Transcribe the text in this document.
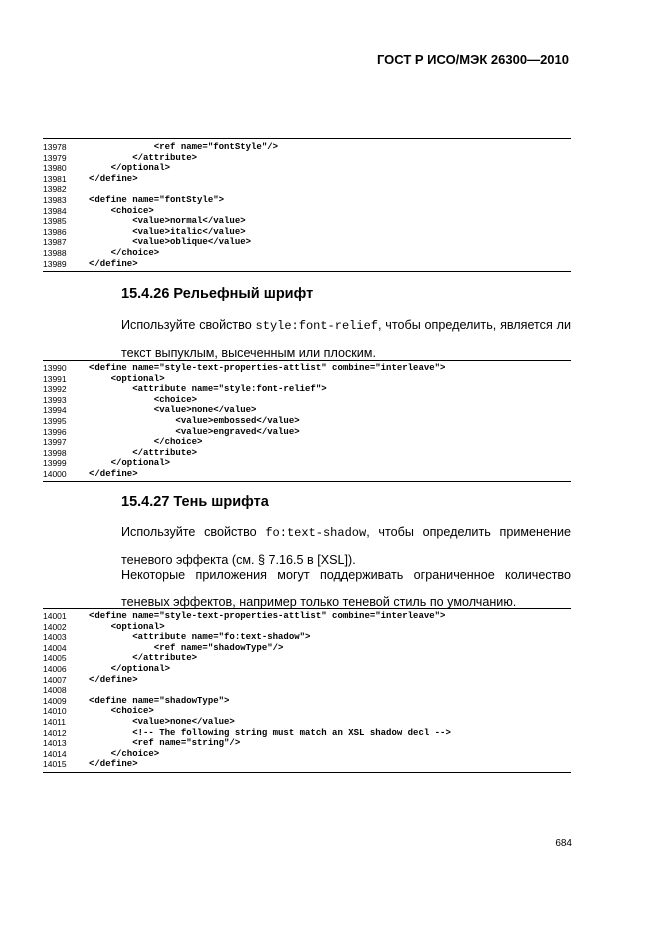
ГОСТ Р ИСО/МЭК 26300—2010
13978	<ref name="fontStyle"/>
13979	</attribute>
13980	</optional>
13981	</define>
13982
13983	<define name="fontStyle">
13984	<choice>
13985	<value>normal</value>
13986	<value>italic</value>
13987	<value>oblique</value>
13988	</choice>
13989	</define>
15.4.26 Рельефный шрифт
Используйте свойство style:font-relief, чтобы определить, является ли текст выпуклым, высеченным или плоским.
13990	<define name="style-text-properties-attlist" combine="interleave">
13991	<optional>
13992	<attribute name="style:font-relief">
13993	<choice>
13994	<value>none</value>
13995	<value>embossed</value>
13996	<value>engraved</value>
13997	</choice>
13998	</attribute>
13999	</optional>
14000	</define>
15.4.27 Тень шрифта
Используйте свойство fo:text-shadow, чтобы определить применение теневого эффекта (см. § 7.16.5 в [XSL]).
Некоторые приложения могут поддерживать ограниченное количество теневых эффектов, например только теневой стиль по умолчанию.
14001	<define name="style-text-properties-attlist" combine="interleave">
14002	<optional>
14003	<attribute name="fo:text-shadow">
14004	<ref name="shadowType"/>
14005	</attribute>
14006	</optional>
14007	</define>
14008
14009	<define name="shadowType">
14010	<choice>
14011	<value>none</value>
14012	<!-- The following string must match an XSL shadow decl -->
14013	<ref name="string"/>
14014	</choice>
14015	</define>
684
